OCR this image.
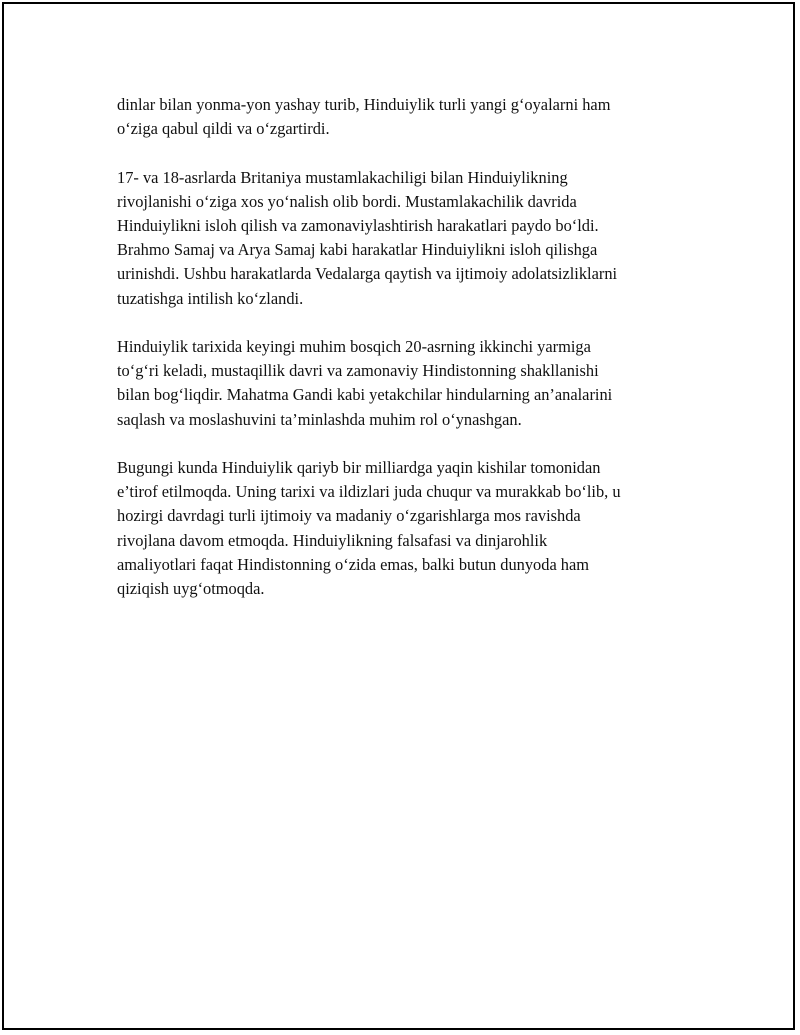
dinlar bilan yonma-yon yashay turib, Hinduiylik turli yangi g‘oyalarni ham
o‘ziga qabul qildi va o‘zgartirdi.

17- va 18-asrlarda Britaniya mustamlakachiligi bilan Hinduiylikning
rivojlanishi o‘ziga xos yo‘nalish olib bordi. Mustamlakachilik davrida
Hinduiylikni isloh qilish va zamonaviylashtirish harakatlari paydo bo‘ldi.
Brahmo Samaj va Arya Samaj kabi harakatlar Hinduiylikni isloh qilishga
urinishdi. Ushbu harakatlarda Vedalarga qaytish va ijtimoiy adolatsizliklarni
tuzatishga intilish ko‘zlandi.

Hinduiylik tarixida keyingi muhim bosqich 20-asrning ikkinchi yarmiga
to‘g‘ri keladi, mustaqillik davri va zamonaviy Hindistonning shakllanishi
bilan bog‘liqdir. Mahatma Gandi kabi yetakchilar hindularning an’analarini
saqlash va moslashuvini ta’minlashda muhim rol o‘ynashgan.

Bugungi kunda Hinduiylik qariyb bir milliardga yaqin kishilar tomonidan
e’tirof etilmoqda. Uning tarixi va ildizlari juda chuqur va murakkab bo‘lib, u
hozirgi davrdagi turli ijtimoiy va madaniy o‘zgarishlarga mos ravishda
rivojlana davom etmoqda. Hinduiylikning falsafasi va dinjarohlik
amaliyotlari faqat Hindistonning o‘zida emas, balki butun dunyoda ham
qiziqish uyg‘otmoqda.
